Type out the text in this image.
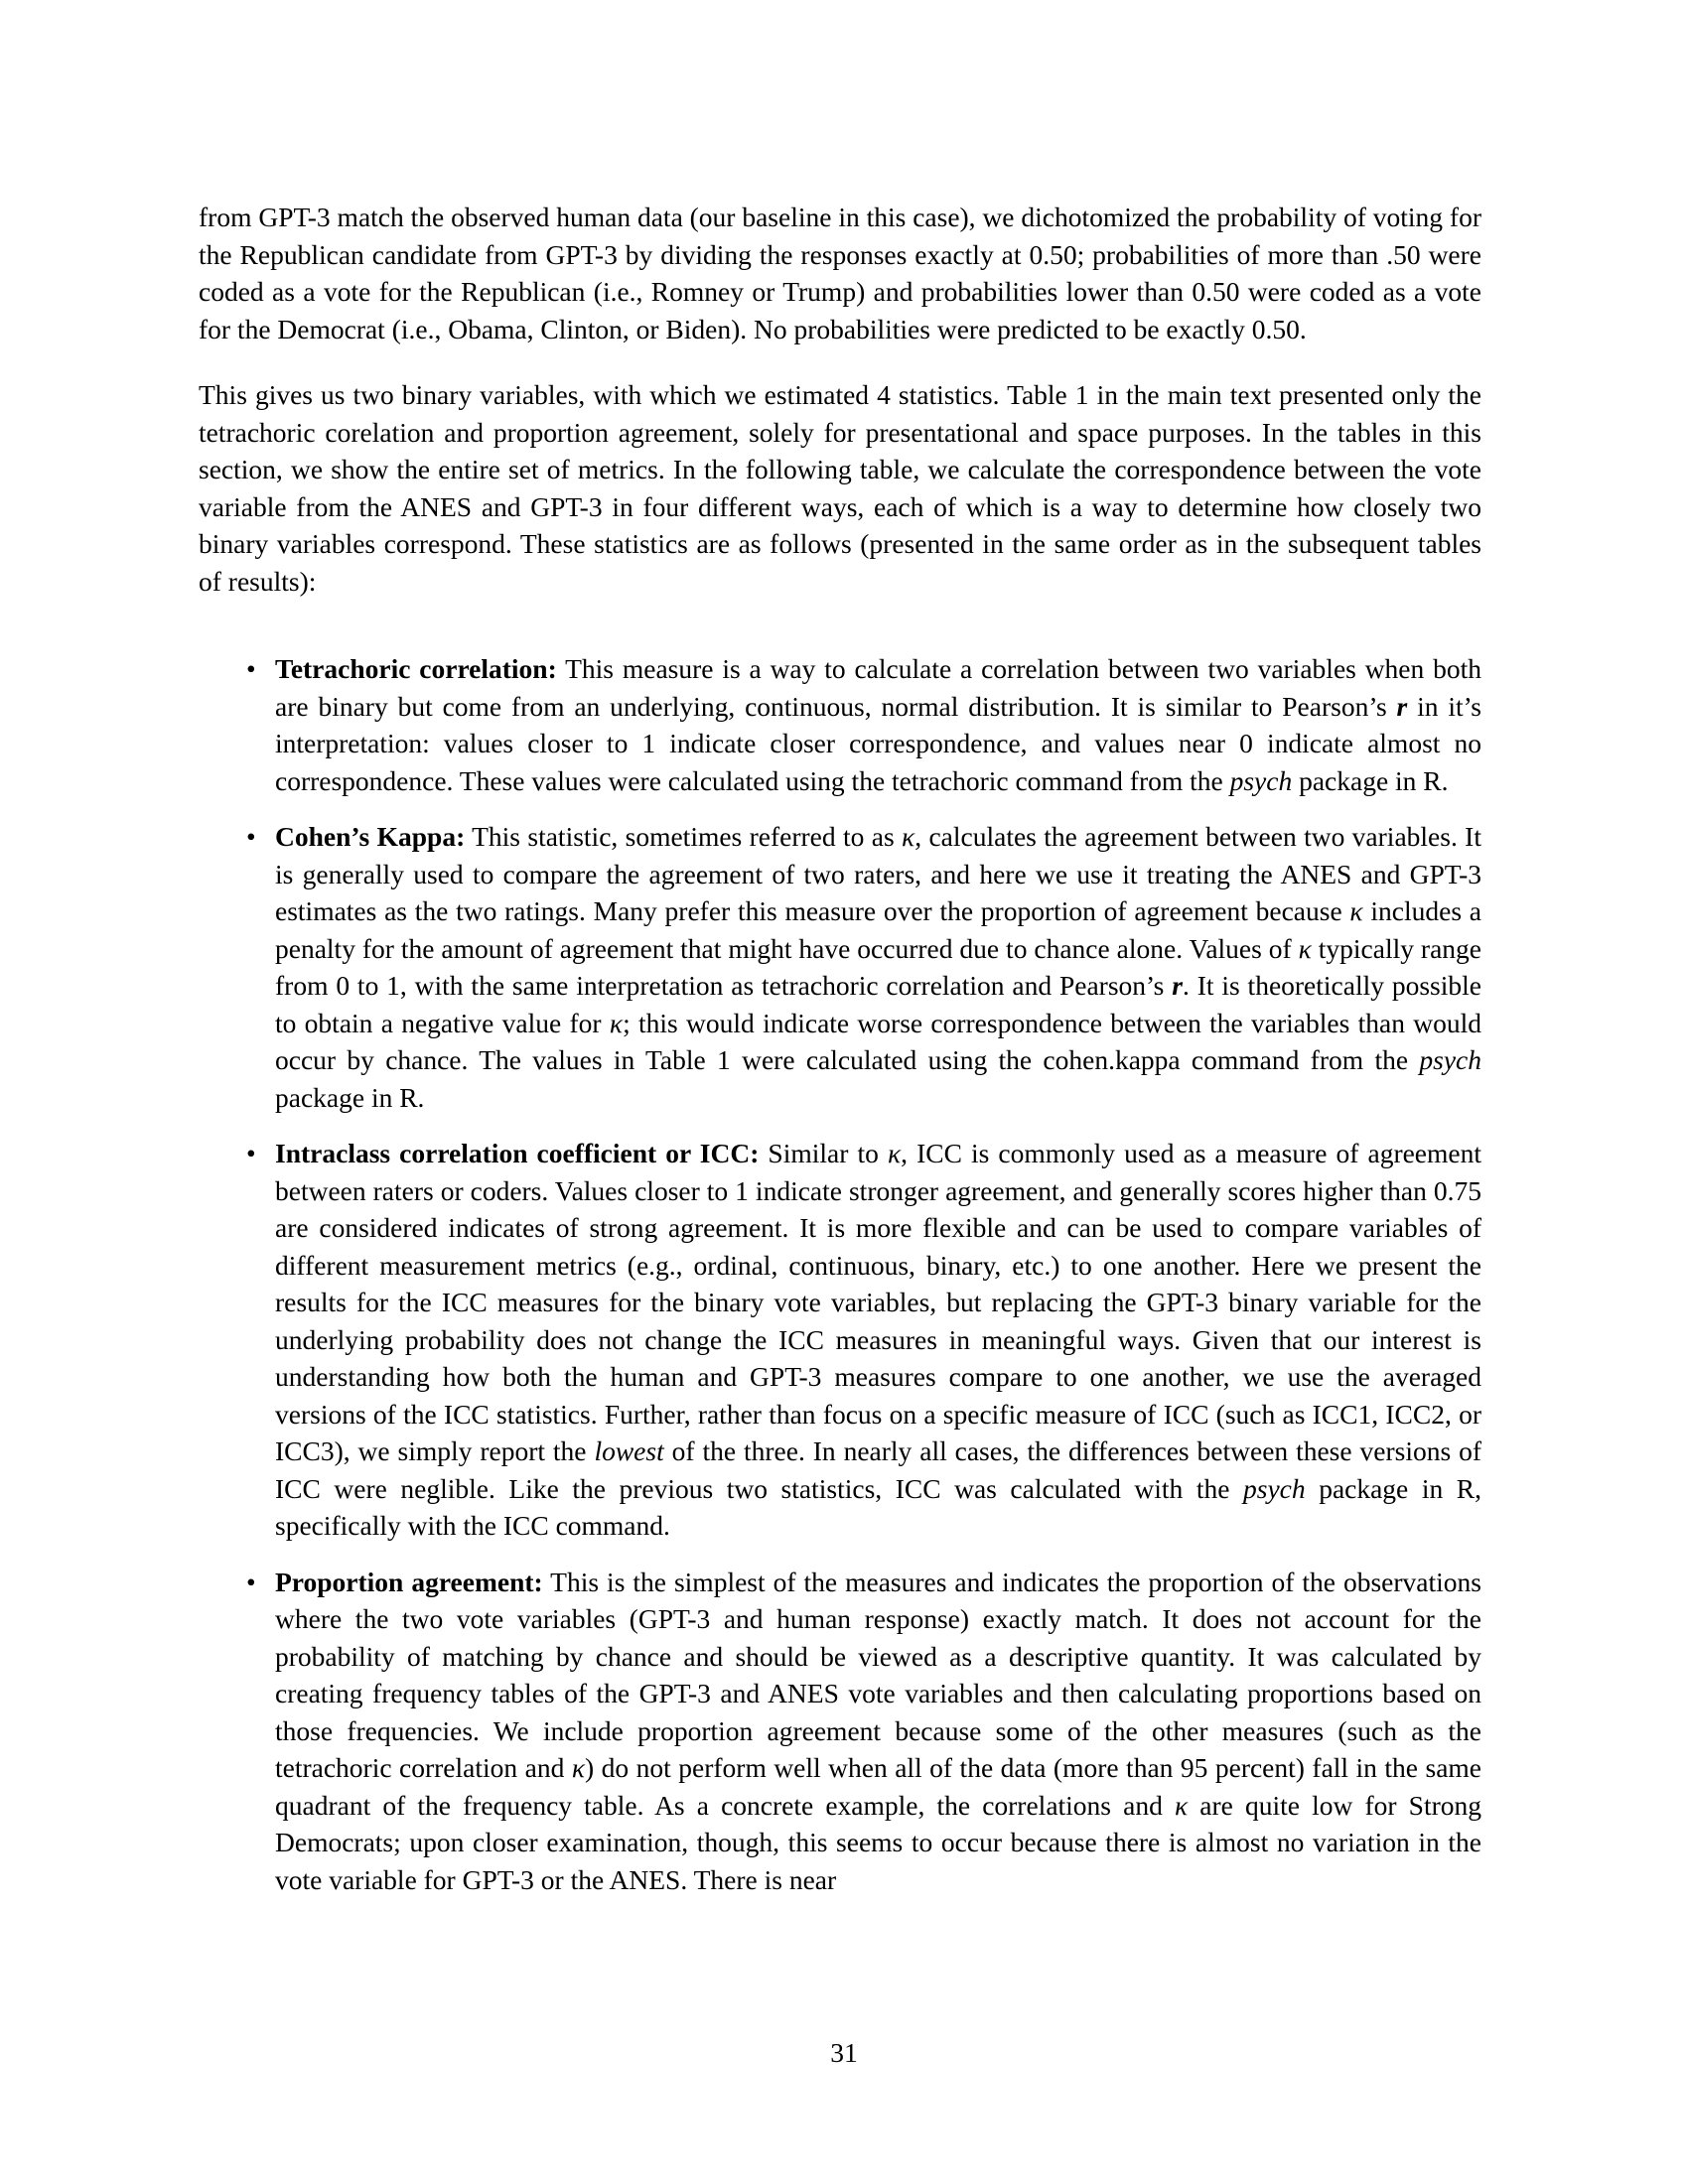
from GPT-3 match the observed human data (our baseline in this case), we dichotomized the probability of voting for the Republican candidate from GPT-3 by dividing the responses exactly at 0.50; probabilities of more than .50 were coded as a vote for the Republican (i.e., Romney or Trump) and probabilities lower than 0.50 were coded as a vote for the Democrat (i.e., Obama, Clinton, or Biden). No probabilities were predicted to be exactly 0.50.

This gives us two binary variables, with which we estimated 4 statistics. Table 1 in the main text presented only the tetrachoric corelation and proportion agreement, solely for presentational and space purposes. In the tables in this section, we show the entire set of metrics. In the following table, we calculate the correspondence between the vote variable from the ANES and GPT-3 in four different ways, each of which is a way to determine how closely two binary variables correspond. These statistics are as follows (presented in the same order as in the subsequent tables of results):

• Tetrachoric correlation: This measure is a way to calculate a correlation between two variables when both are binary but come from an underlying, continuous, normal distribution. It is similar to Pearson’s r in it’s interpretation: values closer to 1 indicate closer correspondence, and values near 0 indicate almost no correspondence. These values were calculated using the tetrachoric command from the psych package in R.
• Cohen’s Kappa: This statistic, sometimes referred to as κ, calculates the agreement between two variables. It is generally used to compare the agreement of two raters, and here we use it treating the ANES and GPT-3 estimates as the two ratings. Many prefer this measure over the proportion of agreement because κ includes a penalty for the amount of agreement that might have occurred due to chance alone. Values of κ typically range from 0 to 1, with the same interpretation as tetrachoric correlation and Pearson’s r. It is theoretically possible to obtain a negative value for κ; this would indicate worse correspondence between the variables than would occur by chance. The values in Table 1 were calculated using the cohen.kappa command from the psych package in R.
• Intraclass correlation coefficient or ICC: Similar to κ, ICC is commonly used as a measure of agreement between raters or coders. Values closer to 1 indicate stronger agreement, and generally scores higher than 0.75 are considered indicates of strong agreement. It is more flexible and can be used to compare variables of different measurement metrics (e.g., ordinal, continuous, binary, etc.) to one another. Here we present the results for the ICC measures for the binary vote variables, but replacing the GPT-3 binary variable for the underlying probability does not change the ICC measures in meaningful ways. Given that our interest is understanding how both the human and GPT-3 measures compare to one another, we use the averaged versions of the ICC statistics. Further, rather than focus on a specific measure of ICC (such as ICC1, ICC2, or ICC3), we simply report the lowest of the three. In nearly all cases, the differences between these versions of ICC were neglible. Like the previous two statistics, ICC was calculated with the psych package in R, specifically with the ICC command.
• Proportion agreement: This is the simplest of the measures and indicates the proportion of the observations where the two vote variables (GPT-3 and human response) exactly match. It does not account for the probability of matching by chance and should be viewed as a descriptive quantity. It was calculated by creating frequency tables of the GPT-3 and ANES vote variables and then calculating proportions based on those frequencies. We include proportion agreement because some of the other measures (such as the tetrachoric correlation and κ) do not perform well when all of the data (more than 95 percent) fall in the same quadrant of the frequency table. As a concrete example, the correlations and κ are quite low for Strong Democrats; upon closer examination, though, this seems to occur because there is almost no variation in the vote variable for GPT-3 or the ANES. There is near
31
